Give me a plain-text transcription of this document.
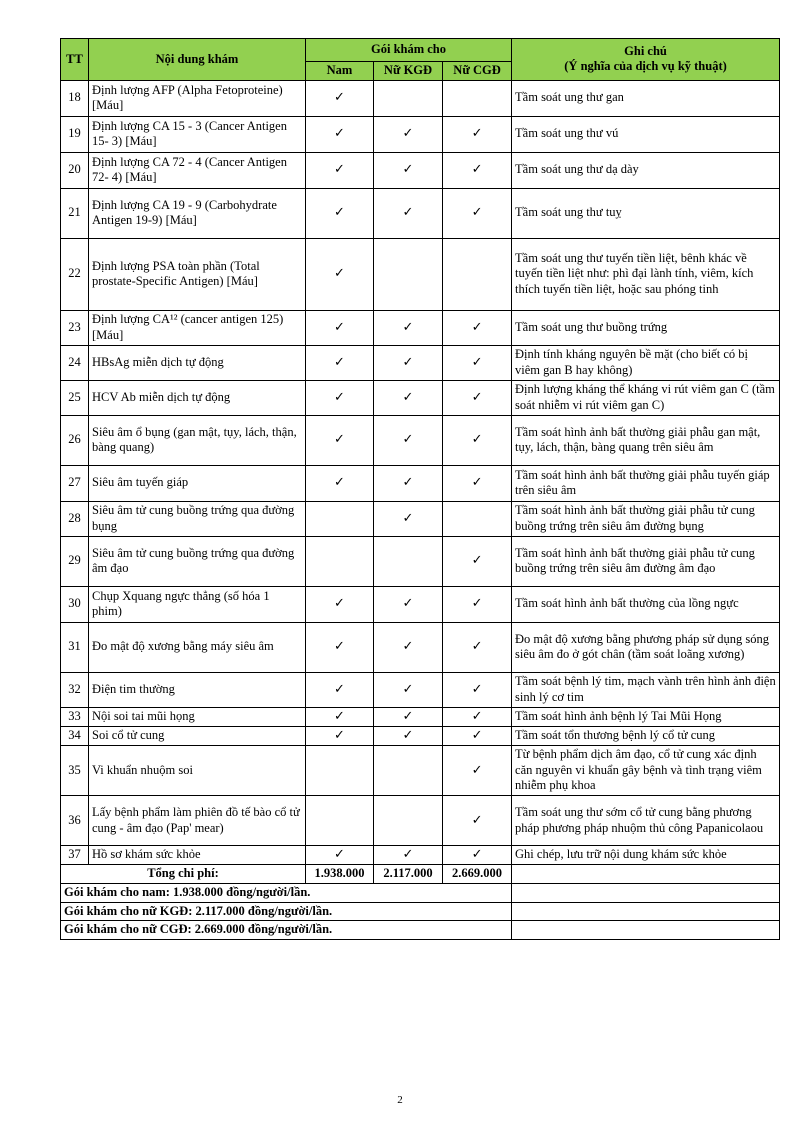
TT	Nội dung khám	Gói khám cho			Ghi chú
(Ý nghĩa của dịch vụ kỹ thuật)

		Nam	Nữ KGĐ	Nữ CGĐ	
18	Định lượng AFP (Alpha Fetoproteine) [Máu]	✓			Tầm soát ung thư gan
19	Định lượng CA 15 - 3 (Cancer Antigen 15- 3) [Máu]	✓	✓	✓	Tầm soát ung thư vú
20	Định lượng CA 72 - 4 (Cancer Antigen 72- 4) [Máu]	✓	✓	✓	Tầm soát ung thư dạ dày
21	Định lượng CA 19 - 9 (Carbohydrate Antigen 19-9) [Máu]	✓	✓	✓	Tầm soát ung thư tuỵ
22	Định lượng PSA toàn phần (Total prostate-Specific Antigen) [Máu]	✓			Tầm soát ung thư tuyến tiền liệt, bênh khác về tuyến tiền liệt như: phì đại lành tính, viêm, kích thích tuyến tiền liệt, hoặc sau phóng tinh
23	Định lượng CA¹² (cancer antigen 125) [Máu]	✓	✓	✓	Tầm soát ung thư buồng trứng
24	HBsAg miễn dịch tự động	✓	✓	✓	Định tính kháng nguyên bề mặt (cho biết có bị viêm gan B hay không)
25	HCV Ab miễn dịch tự động	✓	✓	✓	Định lượng kháng thể kháng vi rút viêm gan C (tầm soát nhiễm vi rút viêm gan C)
26	Siêu âm ổ bụng (gan mật, tụy, lách, thận, bàng quang)	✓	✓	✓	Tầm soát hình ảnh bất thường giải phẫu gan mật, tụy, lách, thận, bàng quang trên siêu âm
27	Siêu âm tuyến giáp	✓	✓	✓	Tầm soát hình ảnh bất thường giải phẫu tuyến giáp trên siêu âm
28	Siêu âm tử cung buồng trứng qua đường bụng		✓		Tầm soát hình ảnh bất thường giải phẫu tử cung buồng trứng trên siêu âm đường bụng
29	Siêu âm tử cung buồng trứng qua đường âm đạo			✓	Tầm soát hình ảnh bất thường giải phẫu tử cung buồng trứng trên siêu âm đường âm đạo
30	Chụp Xquang ngực thẳng (số hóa 1 phim)	✓	✓	✓	Tầm soát hình ảnh bất thường của lồng ngực
31	Đo mật độ xương bằng máy siêu âm	✓	✓	✓	Đo mật độ xương bằng phương pháp sử dụng sóng siêu âm đo ở gót chân (tầm soát loãng xương)
32	Điện tim thường	✓	✓	✓	Tầm soát bệnh lý tim, mạch vành trên hình ảnh điện sinh lý cơ tim
33	Nội soi tai mũi họng	✓	✓	✓	Tầm soát hình ảnh bệnh lý Tai Mũi Họng
34	Soi cổ tử cung	✓	✓	✓	Tầm soát tổn thương bệnh lý cổ tử cung
35	Vi khuẩn nhuộm soi			✓	Từ bệnh phẩm dịch âm đạo, cổ tử cung xác định căn nguyên vi khuẩn gây bệnh và tình trạng viêm nhiễm phụ khoa
36	Lấy bệnh phẩm làm phiên đồ tế bào cổ tử cung - âm đạo (Pap' mear)			✓	Tầm soát ung thư sớm cổ tử cung bằng phương pháp phương pháp nhuộm thủ công Papanicolaou
37	Hồ sơ khám sức khỏe	✓	✓	✓	Ghi chép, lưu trữ nội dung khám sức khỏe
Tổng chi phí:		1.938.000	2.117.000	2.669.000	
Gói khám cho nam: 1.938.000 đồng/người/lần.					
Gói khám cho nữ KGĐ: 2.117.000 đồng/người/lần.					
Gói khám cho nữ CGĐ: 2.669.000 đồng/người/lần.					
2
